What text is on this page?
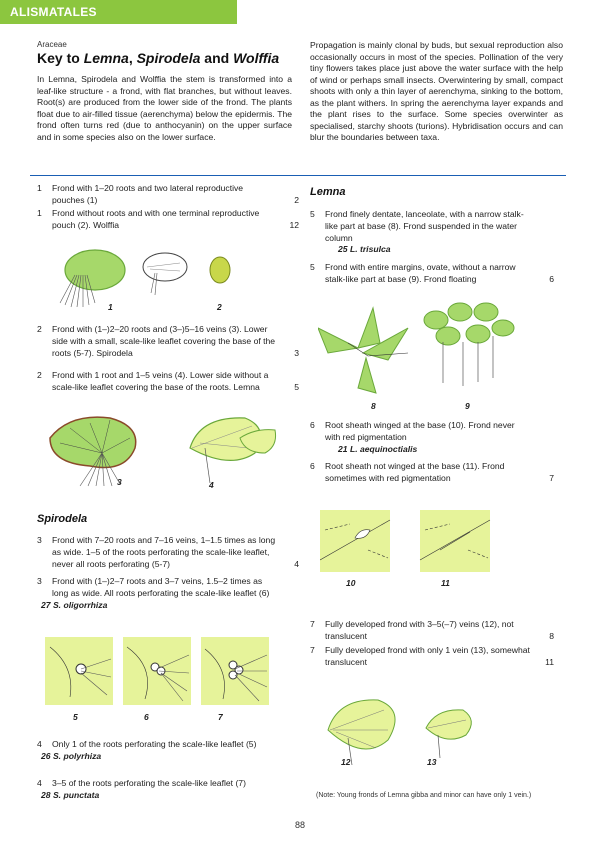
ALISMATALES
Araceae
Key to Lemna, Spirodela and Wolffia
In Lemna, Spirodela and Wolffia the stem is transformed into a leaf-like structure - a frond, with flat branches, but without leaves. Root(s) are produced from the lower side of the frond. The plants float due to air-filled tissue (aerenchyma) below the epidermis. The frond often turns red (due to anthocyanin) on the upper surface and in some species also on the lower surface.
Propagation is mainly clonal by buds, but sexual reproduction also occasionally occurs in most of the species. Pollination of the very tiny flowers takes place just above the water surface with the help of wind or perhaps small insects. Overwintering by small, compact shoots with only a thin layer of aerenchyma, sinking to the bottom, as the plant withers. In spring the aerenchyma layer expands and the plant rises to the surface. Some species overwinter as specialised, starchy shoots (turions). Hybridisation occurs and can blur the boundaries between taxa.
1 Frond with 1–20 roots and two lateral reproductive pouches (1)	2
1 Frond without roots and with one terminal reproductive pouch (2). Wolffia	12
2 Frond with (1–)2–20 roots and (3–)5–16 veins (3). Lower side with a small, scale-like leaflet covering the base of the roots (5-7). Spirodela	3
2 Frond with 1 root and 1–5 veins (4). Lower side without a scale-like leaflet covering the base of the roots. Lemna	5
1	2
3	4
Spirodela
3 Frond with 7–20 roots and 7–16 veins, 1–1.5 times as long as wide. 1–5 of the roots perforating the scale-like leaflet, never all roots perforating (5-7)	4
3 Frond with (1–)2–7 roots and 3–7 veins, 1.5–2 times as long as wide. All roots perforating the scale-like leaflet (6)
27 S. oligorrhiza
4 Only 1 of the roots perforating the scale-like leaflet (5)
26 S. polyrhiza
4 3–5 of the roots perforating the scale-like leaflet (7)
28 S. punctata
5	6	7
Lemna
5 Frond finely dentate, lanceolate, with a narrow stalk-like part at base (8). Frond suspended in the water column
25 L. trisulca
5 Frond with entire margins, ovate, without a narrow stalk-like part at base (9). Frond floating	6
6 Root sheath winged at the base (10). Frond never with red pigmentation
21 L. aequinoctialis
6 Root sheath not winged at the base (11). Frond sometimes with red pigmentation	7
7 Fully developed frond with 3–5(–7) veins (12), not translucent	8
7 Fully developed frond with only 1 vein (13), somewhat translucent	11
8	9
10	11
12	13
(Note: Young fronds of Lemna gibba and minor can have only 1 vein.)
88
